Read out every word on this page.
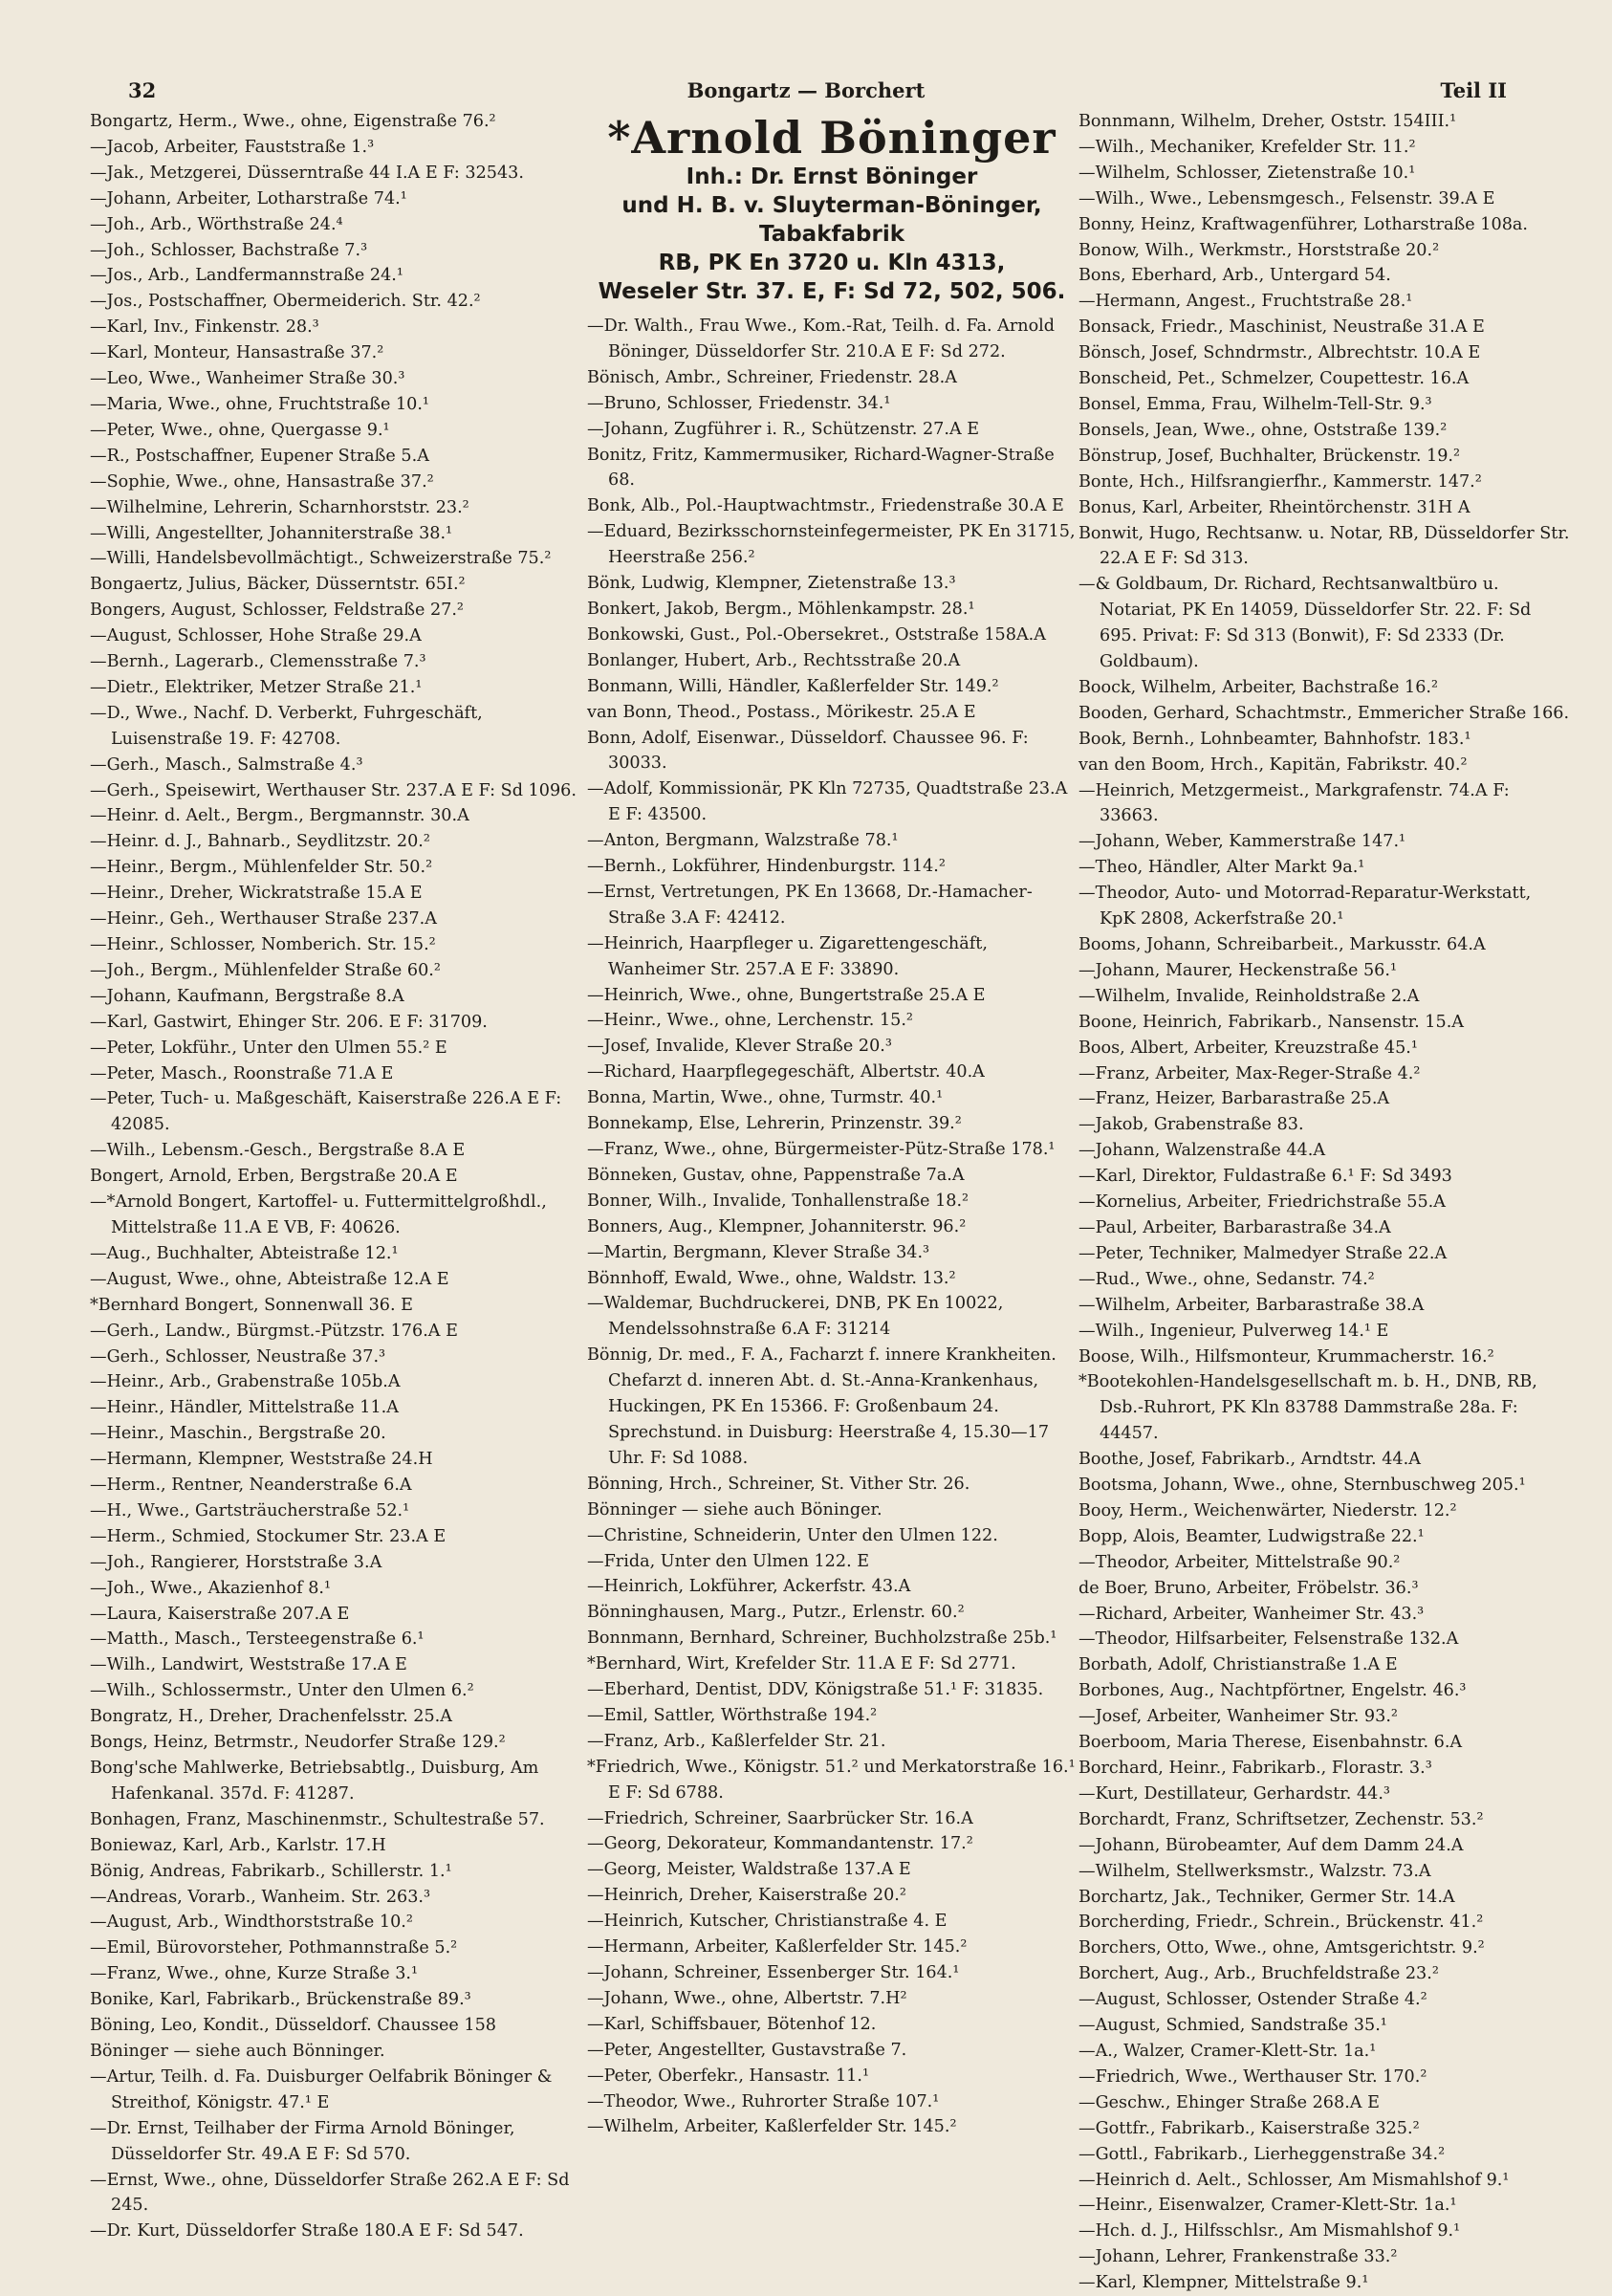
32	Bongartz — Borchert	Teil II
Bongartz, Herm., Wwe., ohne, Eigenstraße 76.²
—Jacob, Arbeiter, Fauststraße 1.³
—Jak., Metzgerei, Düsserntraße 44 I.A E F: 32543.
—Johann, Arbeiter, Lotharstraße 74.¹
—Joh., Arb., Wörthstraße 24.⁴
—Joh., Schlosser, Bachstraße 7.³
—Jos., Arb., Landfermannstraße 24.¹
—Jos., Postschaffner, Obermeiderich. Str. 42.²
—Karl, Inv., Finkenstr. 28.³
—Karl, Monteur, Hansastraße 37.²
—Leo, Wwe., Wanheimer Straße 30.³
—Maria, Wwe., ohne, Fruchtstraße 10.¹
—Peter, Wwe., ohne, Quergasse 9.¹
—R., Postschaffner, Eupener Straße 5.A
—Sophie, Wwe., ohne, Hansastraße 37.²
—Wilhelmine, Lehrerin, Scharnhorststr. 23.²
—Willi, Angestellter, Johanniterstraße 38.¹
—Willi, Handelsbevollmächtigt., Schweizerstraße 75.²
Bongaertz, Julius, Bäcker, Düsserntstr. 65I.²
Bongers, August, Schlosser, Feldstraße 27.²
—August, Schlosser, Hohe Straße 29.A
—Bernh., Lagerarb., Clemensstraße 7.³
—Dietr., Elektriker, Metzer Straße 21.¹
—D., Wwe., Nachf. D. Verberkt, Fuhrgeschäft, Luisenstraße 19. F: 42708.
—Gerh., Masch., Salmstraße 4.³
—Gerh., Speisewirt, Werthauser Str. 237.A E F: Sd 1096.
—Heinr. d. Aelt., Bergm., Bergmannstr. 30.A
—Heinr. d. J., Bahnarb., Seydlitzstr. 20.²
—Heinr., Bergm., Mühlenfelder Str. 50.²
—Heinr., Dreher, Wickratstraße 15.A E
—Heinr., Geh., Werthauser Straße 237.A
—Heinr., Schlosser, Nomberich. Str. 15.²
—Joh., Bergm., Mühlenfelder Straße 60.²
—Johann, Kaufmann, Bergstraße 8.A
—Karl, Gastwirt, Ehinger Str. 206. E F: 31709.
—Peter, Lokführ., Unter den Ulmen 55.² E
—Peter, Masch., Roonstraße 71.A E
—Peter, Tuch- u. Maßgeschäft, Kaiserstraße 226.A E F: 42085.
—Wilh., Lebensm.-Gesch., Bergstraße 8.A E
Bongert, Arnold, Erben, Bergstraße 20.A E
—*Arnold Bongert, Kartoffel- u. Futtermittelgroßhdl., Mittelstraße 11.A E VB, F: 40626.
—Aug., Buchhalter, Abteistraße 12.¹
—August, Wwe., ohne, Abteistraße 12.A E
*Bernhard Bongert, Sonnenwall 36. E
—Gerh., Landw., Bürgmst.-Pützstr. 176.A E
—Gerh., Schlosser, Neustraße 37.³
—Heinr., Arb., Grabenstraße 105b.A
—Heinr., Händler, Mittelstraße 11.A
—Heinr., Maschin., Bergstraße 20.
—Hermann, Klempner, Weststraße 24.H
—Herm., Rentner, Neanderstraße 6.A
—H., Wwe., Gartsträucherstraße 52.¹
—Herm., Schmied, Stockumer Str. 23.A E
—Joh., Rangierer, Horststraße 3.A
—Joh., Wwe., Akazienhof 8.¹
—Laura, Kaiserstraße 207.A E
—Matth., Masch., Tersteegenstraße 6.¹
—Wilh., Landwirt, Weststraße 17.A E
—Wilh., Schlossermstr., Unter den Ulmen 6.²
Bongratz, H., Dreher, Drachenfelsstr. 25.A
Bongs, Heinz, Betrmstr., Neudorfer Straße 129.²
Bong'sche Mahlwerke, Betriebsabtlg., Duisburg, Am Hafenkanal. 357d. F: 41287.
Bonhagen, Franz, Maschinenmstr., Schultestraße 57.
Boniewaz, Karl, Arb., Karlstr. 17.H
Bönig, Andreas, Fabrikarb., Schillerstr. 1.¹
—Andreas, Vorarb., Wanheim. Str. 263.³
—August, Arb., Windthorststraße 10.²
—Emil, Bürovorsteher, Pothmannstraße 5.²
—Franz, Wwe., ohne, Kurze Straße 3.¹
Bonike, Karl, Fabrikarb., Brückenstraße 89.³
Böning, Leo, Kondit., Düsseldorf. Chaussee 158
Böninger — siehe auch Bönninger.
—Artur, Teilh. d. Fa. Duisburger Oelfabrik Böninger & Streithof, Königstr. 47.¹ E
—Dr. Ernst, Teilhaber der Firma Arnold Böninger, Düsseldorfer Str. 49.A E F: Sd 570.
—Ernst, Wwe., ohne, Düsseldorfer Straße 262.A E F: Sd 245.
—Dr. Kurt, Düsseldorfer Straße 180.A E F: Sd 547.
*Arnold Böninger
Inh.: Dr. Ernst Böninger
und H. B. v. Sluyterman-Böninger,
Tabakfabrik
RB, PK En 3720 u. Kln 4313,
Weseler Str. 37. E, F: Sd 72, 502, 506.
—Dr. Walth., Frau Wwe., Kom.-Rat, Teilh. d. Fa. Arnold Böninger, Düsseldorfer Str. 210.A E F: Sd 272.
Bönisch, Ambr., Schreiner, Friedenstr. 28.A
—Bruno, Schlosser, Friedenstr. 34.¹
—Johann, Zugführer i. R., Schützenstr. 27.A E
Bonitz, Fritz, Kammermusiker, Richard-Wagner-Straße 68.
Bonk, Alb., Pol.-Hauptwachtmstr., Friedenstraße 30.A E
—Eduard, Bezirksschornsteinfegermeister, PK En 31715, Heerstraße 256.²
Bönk, Ludwig, Klempner, Zietenstraße 13.³
Bonkert, Jakob, Bergm., Möhlenkampstr. 28.¹
Bonkowski, Gust., Pol.-Obersekret., Oststraße 158A.A
Bonlanger, Hubert, Arb., Rechtsstraße 20.A
Bonmann, Willi, Händler, Kaßlerfelder Str. 149.²
van Bonn, Theod., Postass., Mörikestr. 25.A E
Bonn, Adolf, Eisenwar., Düsseldorf. Chaussee 96. F: 30033.
—Adolf, Kommissionär, PK Kln 72735, Quadtstraße 23.A E F: 43500.
—Anton, Bergmann, Walzstraße 78.¹
—Bernh., Lokführer, Hindenburgstr. 114.²
—Ernst, Vertretungen, PK En 13668, Dr.-Hamacher-Straße 3.A F: 42412.
—Heinrich, Haarpfleger u. Zigarettengeschäft, Wanheimer Str. 257.A E F: 33890.
—Heinrich, Wwe., ohne, Bungertstraße 25.A E
—Heinr., Wwe., ohne, Lerchenstr. 15.²
—Josef, Invalide, Klever Straße 20.³
—Richard, Haarpflegegeschäft, Albertstr. 40.A
Bonna, Martin, Wwe., ohne, Turmstr. 40.¹
Bonnekamp, Else, Lehrerin, Prinzenstr. 39.²
—Franz, Wwe., ohne, Bürgermeister-Pütz-Straße 178.¹
Bönneken, Gustav, ohne, Pappenstraße 7a.A
Bonner, Wilh., Invalide, Tonhallenstraße 18.²
Bonners, Aug., Klempner, Johanniterstr. 96.²
—Martin, Bergmann, Klever Straße 34.³
Bönnhoff, Ewald, Wwe., ohne, Waldstr. 13.²
—Waldemar, Buchdruckerei, DNB, PK En 10022, Mendelssohnstraße 6.A F: 31214
Bönnig, Dr. med., F. A., Facharzt f. innere Krankheiten. Chefarzt d. inneren Abt. d. St.-Anna-Krankenhaus, Huckingen, PK En 15366. F: Großenbaum 24. Sprechstund. in Duisburg: Heerstraße 4, 15.30—17 Uhr. F: Sd 1088.
Bönning, Hrch., Schreiner, St. Vither Str. 26.
Bönninger — siehe auch Böninger.
—Christine, Schneiderin, Unter den Ulmen 122.
—Frida, Unter den Ulmen 122. E
—Heinrich, Lokführer, Ackerfstr. 43.A
Bönninghausen, Marg., Putzr., Erlenstr. 60.²
Bonnmann, Bernhard, Schreiner, Buchholzstraße 25b.¹
*Bernhard, Wirt, Krefelder Str. 11.A E F: Sd 2771.
—Eberhard, Dentist, DDV, Königstraße 51.¹ F: 31835.
—Emil, Sattler, Wörthstraße 194.²
—Franz, Arb., Kaßlerfelder Str. 21.
*Friedrich, Wwe., Königstr. 51.² und Merkatorstraße 16.¹ E F: Sd 6788.
—Friedrich, Schreiner, Saarbrücker Str. 16.A
—Georg, Dekorateur, Kommandantenstr. 17.²
—Georg, Meister, Waldstraße 137.A E
—Heinrich, Dreher, Kaiserstraße 20.²
—Heinrich, Kutscher, Christianstraße 4. E
—Hermann, Arbeiter, Kaßlerfelder Str. 145.²
—Johann, Schreiner, Essenberger Str. 164.¹
—Johann, Wwe., ohne, Albertstr. 7.H²
—Karl, Schiffsbauer, Bötenhof 12.
—Peter, Angestellter, Gustavstraße 7.
—Peter, Oberfekr., Hansastr. 11.¹
—Theodor, Wwe., Ruhrorter Straße 107.¹
—Wilhelm, Arbeiter, Kaßlerfelder Str. 145.²
Bonnmann, Wilhelm, Dreher, Oststr. 154III.¹
—Wilh., Mechaniker, Krefelder Str. 11.²
—Wilhelm, Schlosser, Zietenstraße 10.¹
—Wilh., Wwe., Lebensmgesch., Felsenstr. 39.A E
Bonny, Heinz, Kraftwagenführer, Lotharstraße 108a.
Bonow, Wilh., Werkmstr., Horststraße 20.²
Bons, Eberhard, Arb., Untergard 54.
—Hermann, Angest., Fruchtstraße 28.¹
Bonsack, Friedr., Maschinist, Neustraße 31.A E
Bönsch, Josef, Schndrmstr., Albrechtstr. 10.A E
Bonscheid, Pet., Schmelzer, Coupettestr. 16.A
Bonsel, Emma, Frau, Wilhelm-Tell-Str. 9.³
Bonsels, Jean, Wwe., ohne, Oststraße 139.²
Bönstrup, Josef, Buchhalter, Brückenstr. 19.²
Bonte, Hch., Hilfsrangierfhr., Kammerstr. 147.²
Bonus, Karl, Arbeiter, Rheintörchenstr. 31H A
Bonwit, Hugo, Rechtsanw. u. Notar, RB, Düsseldorfer Str. 22.A E F: Sd 313.
—& Goldbaum, Dr. Richard, Rechtsanwaltbüro u. Notariat, PK En 14059, Düsseldorfer Str. 22. F: Sd 695. Privat: F: Sd 313 (Bonwit), F: Sd 2333 (Dr. Goldbaum).
Boock, Wilhelm, Arbeiter, Bachstraße 16.²
Booden, Gerhard, Schachtmstr., Emmericher Straße 166.
Book, Bernh., Lohnbeamter, Bahnhofstr. 183.¹
van den Boom, Hrch., Kapitän, Fabrikstr. 40.²
—Heinrich, Metzgermeist., Markgrafenstr. 74.A F: 33663.
—Johann, Weber, Kammerstraße 147.¹
—Theo, Händler, Alter Markt 9a.¹
—Theodor, Auto- und Motorrad-Reparatur-Werkstatt, KpK 2808, Ackerfstraße 20.¹
Booms, Johann, Schreibarbeit., Markusstr. 64.A
—Johann, Maurer, Heckenstraße 56.¹
—Wilhelm, Invalide, Reinholdstraße 2.A
Boone, Heinrich, Fabrikarb., Nansenstr. 15.A
Boos, Albert, Arbeiter, Kreuzstraße 45.¹
—Franz, Arbeiter, Max-Reger-Straße 4.²
—Franz, Heizer, Barbarastraße 25.A
—Jakob, Grabenstraße 83.
—Johann, Walzenstraße 44.A
—Karl, Direktor, Fuldastraße 6.¹ F: Sd 3493
—Kornelius, Arbeiter, Friedrichstraße 55.A
—Paul, Arbeiter, Barbarastraße 34.A
—Peter, Techniker, Malmedyer Straße 22.A
—Rud., Wwe., ohne, Sedanstr. 74.²
—Wilhelm, Arbeiter, Barbarastraße 38.A
—Wilh., Ingenieur, Pulverweg 14.¹ E
Boose, Wilh., Hilfsmonteur, Krummacherstr. 16.²
*Bootekohlen-Handelsgesellschaft m. b. H., DNB, RB, Dsb.-Ruhrort, PK Kln 83788 Dammstraße 28a. F: 44457.
Boothe, Josef, Fabrikarb., Arndtstr. 44.A
Bootsma, Johann, Wwe., ohne, Sternbuschweg 205.¹
Booy, Herm., Weichenwärter, Niederstr. 12.²
Bopp, Alois, Beamter, Ludwigstraße 22.¹
—Theodor, Arbeiter, Mittelstraße 90.²
de Boer, Bruno, Arbeiter, Fröbelstr. 36.³
—Richard, Arbeiter, Wanheimer Str. 43.³
—Theodor, Hilfsarbeiter, Felsenstraße 132.A
Borbath, Adolf, Christianstraße 1.A E
Borbones, Aug., Nachtpförtner, Engelstr. 46.³
—Josef, Arbeiter, Wanheimer Str. 93.²
Boerboom, Maria Therese, Eisenbahnstr. 6.A
Borchard, Heinr., Fabrikarb., Florastr. 3.³
—Kurt, Destillateur, Gerhardstr. 44.³
Borchardt, Franz, Schriftsetzer, Zechenstr. 53.²
—Johann, Bürobeamter, Auf dem Damm 24.A
—Wilhelm, Stellwerksmstr., Walzstr. 73.A
Borchartz, Jak., Techniker, Germer Str. 14.A
Borcherding, Friedr., Schrein., Brückenstr. 41.²
Borchers, Otto, Wwe., ohne, Amtsgerichtstr. 9.²
Borchert, Aug., Arb., Bruchfeldstraße 23.²
—August, Schlosser, Ostender Straße 4.²
—August, Schmied, Sandstraße 35.¹
—A., Walzer, Cramer-Klett-Str. 1a.¹
—Friedrich, Wwe., Werthauser Str. 170.²
—Geschw., Ehinger Straße 268.A E
—Gottfr., Fabrikarb., Kaiserstraße 325.²
—Gottl., Fabrikarb., Lierheggenstraße 34.²
—Heinrich d. Aelt., Schlosser, Am Mismahlshof 9.¹
—Heinr., Eisenwalzer, Cramer-Klett-Str. 1a.¹
—Hch. d. J., Hilfsschlsr., Am Mismahlshof 9.¹
—Johann, Lehrer, Frankenstraße 33.²
—Karl, Klempner, Mittelstraße 9.¹
